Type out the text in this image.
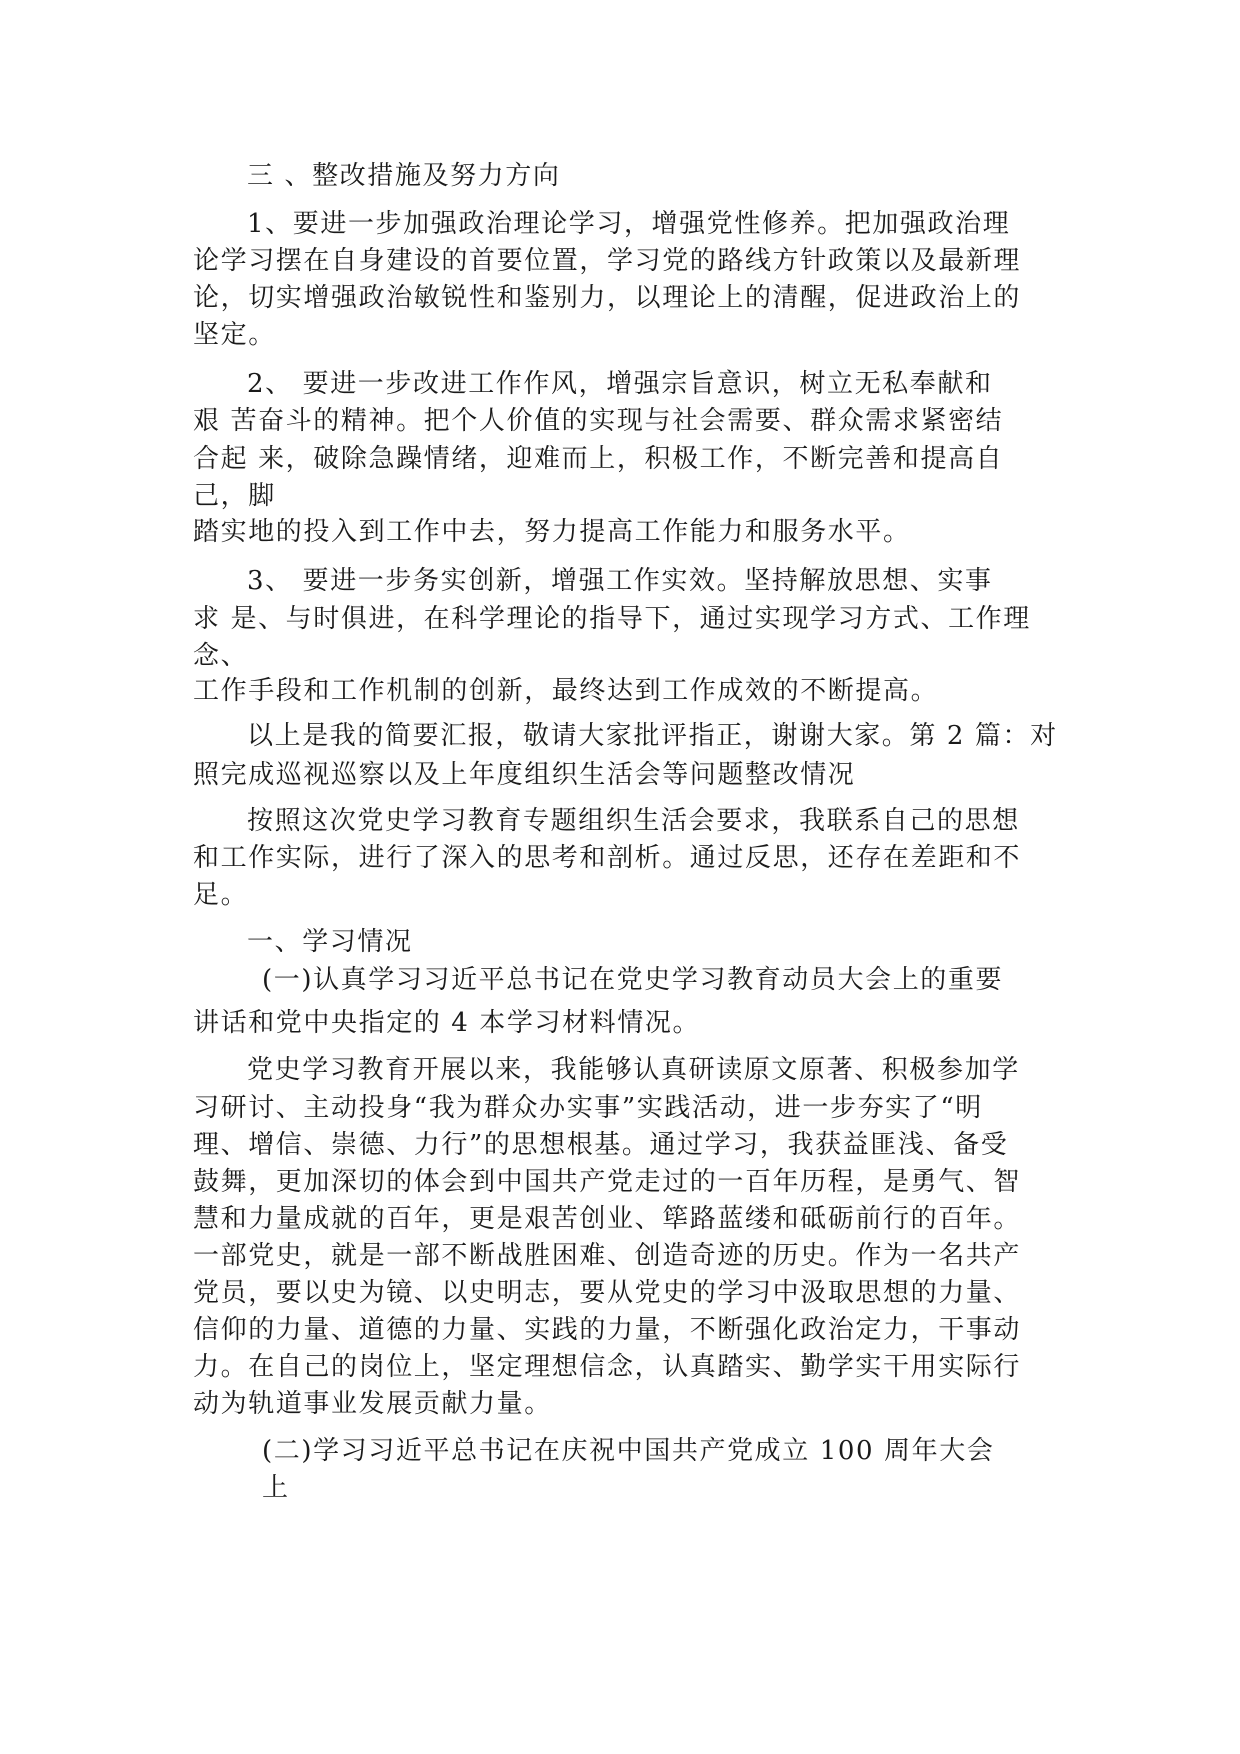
三 、整改措施及努力方向
1、要进一步加强政治理论学习，增强党性修养。把加强政治理
论学习摆在自身建设的首要位置，学习党的路线方针政策以及最新理
论，切实增强政治敏锐性和鉴别力，以理论上的清醒，促进政治上的
坚定。
2、 要进一步改进工作作风，增强宗旨意识，树立无私奉献和
艰 苦奋斗的精神。把个人价值的实现与社会需要、群众需求紧密结
合起 来，破除急躁情绪，迎难而上，积极工作，不断完善和提高自
己，脚
踏实地的投入到工作中去，努力提高工作能力和服务水平。
3、 要进一步务实创新，增强工作实效。坚持解放思想、实事
求 是、与时俱进，在科学理论的指导下，通过实现学习方式、工作理
念、
工作手段和工作机制的创新，最终达到工作成效的不断提高。
以上是我的简要汇报，敬请大家批评指正，谢谢大家。第 2 篇：对
照完成巡视巡察以及上年度组织生活会等问题整改情况
按照这次党史学习教育专题组织生活会要求，我联系自己的思想
和工作实际，进行了深入的思考和剖析。通过反思，还存在差距和不
足。
一、学习情况
(一)认真学习习近平总书记在党史学习教育动员大会上的重要
讲话和党中央指定的 4 本学习材料情况。
党史学习教育开展以来，我能够认真研读原文原著、积极参加学
习研讨、主动投身“我为群众办实事”实践活动，进一步夯实了“明
理、增信、崇德、力行”的思想根基。通过学习，我获益匪浅、备受
鼓舞，更加深切的体会到中国共产党走过的一百年历程，是勇气、智
慧和力量成就的百年，更是艰苦创业、筚路蓝缕和砥砺前行的百年。
一部党史，就是一部不断战胜困难、创造奇迹的历史。作为一名共产
党员，要以史为镜、以史明志，要从党史的学习中汲取思想的力量、
信仰的力量、道德的力量、实践的力量，不断强化政治定力，干事动
力。在自己的岗位上，坚定理想信念，认真踏实、勤学实干用实际行
动为轨道事业发展贡献力量。
(二)学习习近平总书记在庆祝中国共产党成立 100 周年大会
上
